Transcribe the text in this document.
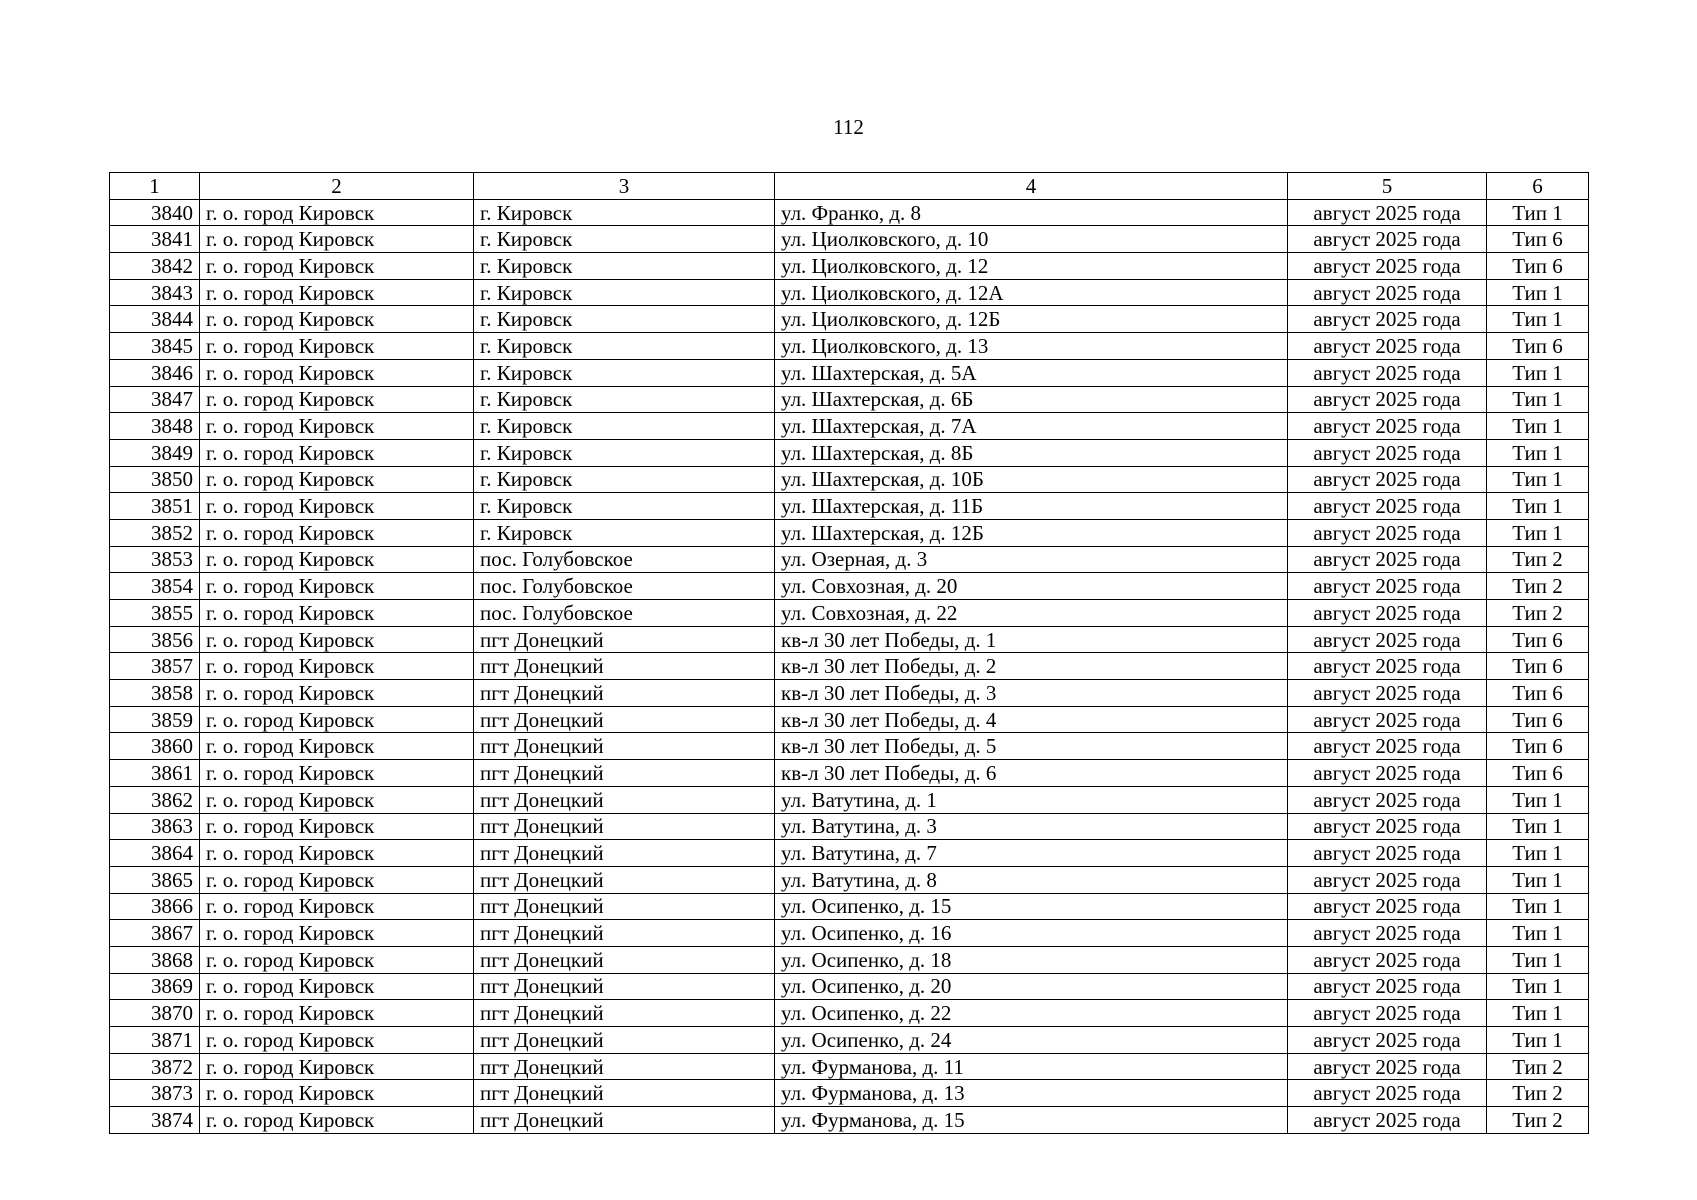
112
1	2	3	4	5	6
3840	г. о. город Кировск	г. Кировск	ул. Франко, д. 8	август 2025 года	Тип 1
3841	г. о. город Кировск	г. Кировск	ул. Циолковского, д. 10	август 2025 года	Тип 6
3842	г. о. город Кировск	г. Кировск	ул. Циолковского, д. 12	август 2025 года	Тип 6
3843	г. о. город Кировск	г. Кировск	ул. Циолковского, д. 12А	август 2025 года	Тип 1
3844	г. о. город Кировск	г. Кировск	ул. Циолковского, д. 12Б	август 2025 года	Тип 1
3845	г. о. город Кировск	г. Кировск	ул. Циолковского, д. 13	август 2025 года	Тип 6
3846	г. о. город Кировск	г. Кировск	ул. Шахтерская, д. 5А	август 2025 года	Тип 1
3847	г. о. город Кировск	г. Кировск	ул. Шахтерская, д. 6Б	август 2025 года	Тип 1
3848	г. о. город Кировск	г. Кировск	ул. Шахтерская, д. 7А	август 2025 года	Тип 1
3849	г. о. город Кировск	г. Кировск	ул. Шахтерская, д. 8Б	август 2025 года	Тип 1
3850	г. о. город Кировск	г. Кировск	ул. Шахтерская, д. 10Б	август 2025 года	Тип 1
3851	г. о. город Кировск	г. Кировск	ул. Шахтерская, д. 11Б	август 2025 года	Тип 1
3852	г. о. город Кировск	г. Кировск	ул. Шахтерская, д. 12Б	август 2025 года	Тип 1
3853	г. о. город Кировск	пос. Голубовское	ул. Озерная, д. 3	август 2025 года	Тип 2
3854	г. о. город Кировск	пос. Голубовское	ул. Совхозная, д. 20	август 2025 года	Тип 2
3855	г. о. город Кировск	пос. Голубовское	ул. Совхозная, д. 22	август 2025 года	Тип 2
3856	г. о. город Кировск	пгт Донецкий	кв-л 30 лет Победы, д. 1	август 2025 года	Тип 6
3857	г. о. город Кировск	пгт Донецкий	кв-л 30 лет Победы, д. 2	август 2025 года	Тип 6
3858	г. о. город Кировск	пгт Донецкий	кв-л 30 лет Победы, д. 3	август 2025 года	Тип 6
3859	г. о. город Кировск	пгт Донецкий	кв-л 30 лет Победы, д. 4	август 2025 года	Тип 6
3860	г. о. город Кировск	пгт Донецкий	кв-л 30 лет Победы, д. 5	август 2025 года	Тип 6
3861	г. о. город Кировск	пгт Донецкий	кв-л 30 лет Победы, д. 6	август 2025 года	Тип 6
3862	г. о. город Кировск	пгт Донецкий	ул. Ватутина, д. 1	август 2025 года	Тип 1
3863	г. о. город Кировск	пгт Донецкий	ул. Ватутина, д. 3	август 2025 года	Тип 1
3864	г. о. город Кировск	пгт Донецкий	ул. Ватутина, д. 7	август 2025 года	Тип 1
3865	г. о. город Кировск	пгт Донецкий	ул. Ватутина, д. 8	август 2025 года	Тип 1
3866	г. о. город Кировск	пгт Донецкий	ул. Осипенко, д. 15	август 2025 года	Тип 1
3867	г. о. город Кировск	пгт Донецкий	ул. Осипенко, д. 16	август 2025 года	Тип 1
3868	г. о. город Кировск	пгт Донецкий	ул. Осипенко, д. 18	август 2025 года	Тип 1
3869	г. о. город Кировск	пгт Донецкий	ул. Осипенко, д. 20	август 2025 года	Тип 1
3870	г. о. город Кировск	пгт Донецкий	ул. Осипенко, д. 22	август 2025 года	Тип 1
3871	г. о. город Кировск	пгт Донецкий	ул. Осипенко, д. 24	август 2025 года	Тип 1
3872	г. о. город Кировск	пгт Донецкий	ул. Фурманова, д. 11	август 2025 года	Тип 2
3873	г. о. город Кировск	пгт Донецкий	ул. Фурманова, д. 13	август 2025 года	Тип 2
3874	г. о. город Кировск	пгт Донецкий	ул. Фурманова, д. 15	август 2025 года	Тип 2
